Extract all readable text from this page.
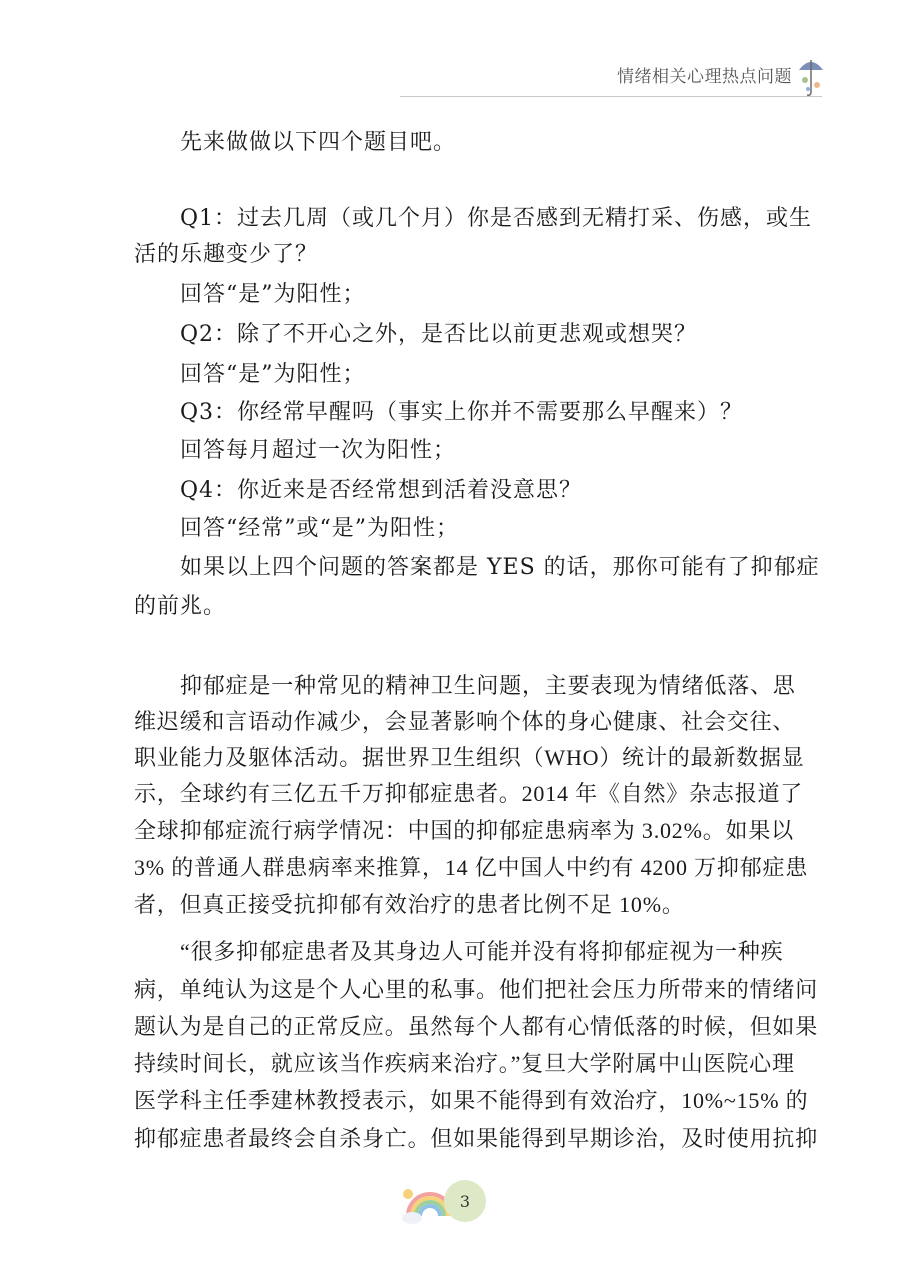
情绪相关心理热点问题
先来做做以下四个题目吧。
Q1：过去几周（或几个月）你是否感到无精打采、伤感，或生
活的乐趣变少了？
回答“是”为阳性；
Q2：除了不开心之外，是否比以前更悲观或想哭？
回答“是”为阳性；
Q3：你经常早醒吗（事实上你并不需要那么早醒来）？
回答每月超过一次为阳性；
Q4：你近来是否经常想到活着没意思？
回答“经常”或“是”为阳性；
如果以上四个问题的答案都是 YES 的话，那你可能有了抑郁症
的前兆。
抑郁症是一种常见的精神卫生问题，主要表现为情绪低落、思
维迟缓和言语动作减少，会显著影响个体的身心健康、社会交往、
职业能力及躯体活动。据世界卫生组织（WHO）统计的最新数据显
示，全球约有三亿五千万抑郁症患者。2014 年《自然》杂志报道了
全球抑郁症流行病学情况：中国的抑郁症患病率为 3.02%。如果以
3% 的普通人群患病率来推算，14 亿中国人中约有 4200 万抑郁症患
者，但真正接受抗抑郁有效治疗的患者比例不足 10%。
“很多抑郁症患者及其身边人可能并没有将抑郁症视为一种疾
病，单纯认为这是个人心里的私事。他们把社会压力所带来的情绪问
题认为是自己的正常反应。虽然每个人都有心情低落的时候，但如果
持续时间长，就应该当作疾病来治疗。”复旦大学附属中山医院心理
医学科主任季建林教授表示，如果不能得到有效治疗，10%~15% 的
抑郁症患者最终会自杀身亡。但如果能得到早期诊治，及时使用抗抑
3
